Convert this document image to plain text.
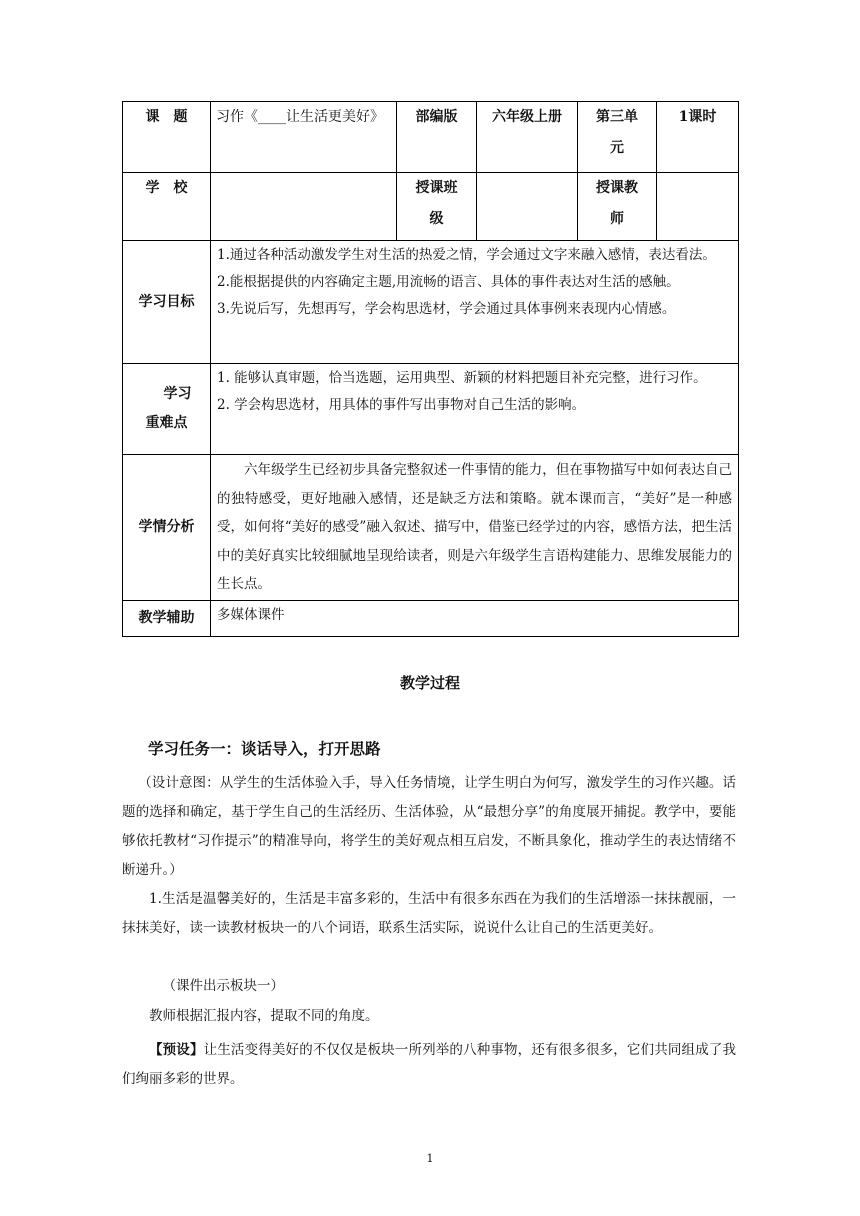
课　题	习作《____让生活更美好》	部编版	六年级上册	第三单元	1课时
学　校		授课班级		授课教师	
学习目标	1.通过各种活动激发学生对生活的热爱之情，学会通过文字来融入感情，表达看法。
2.能根据提供的内容确定主题,用流畅的语言、具体的事件表达对生活的感触。
3.先说后写，先想再写，学会构思选材，学会通过具体事例来表现内心情感。				

学习
重难点	1. 能够认真审题，恰当选题，运用典型、新颖的材料把题目补充完整，进行习作。
2. 学会构思选材，用具体的事件写出事物对自己生活的影响。				

学情分析	六年级学生已经初步具备完整叙述一件事情的能力，但在事物描写中如何表达自己的独特感受，更好地融入感情，还是缺乏方法和策略。就本课而言，“美好”是一种感受，如何将“美好的感受”融入叙述、描写中，借鉴已经学过的内容，感悟方法，把生活中的美好真实比较细腻地呈现给读者，则是六年级学生言语构建能力、思维发展能力的生长点。				
教学辅助	多媒体课件				
教学过程
学习任务一：谈话导入，打开思路

（设计意图：从学生的生活体验入手，导入任务情境，让学生明白为何写，激发学生的习作兴趣。话题的选择和确定，基于学生自己的生活经历、生活体验，从“最想分享”的角度展开捕捉。教学中，要能够依托教材“习作提示”的精准导向，将学生的美好观点相互启发，不断具象化，推动学生的表达情绪不断递升。）

1.生活是温馨美好的，生活是丰富多彩的，生活中有很多东西在为我们的生活增添一抹抹靓丽，一抹抹美好，读一读教材板块一的八个词语，联系生活实际，说说什么让自己的生活更美好。

（课件出示板块一）

教师根据汇报内容，提取不同的角度。

【预设】让生活变得美好的不仅仅是板块一所列举的八种事物，还有很多很多，它们共同组成了我们绚丽多彩的世界。

1
